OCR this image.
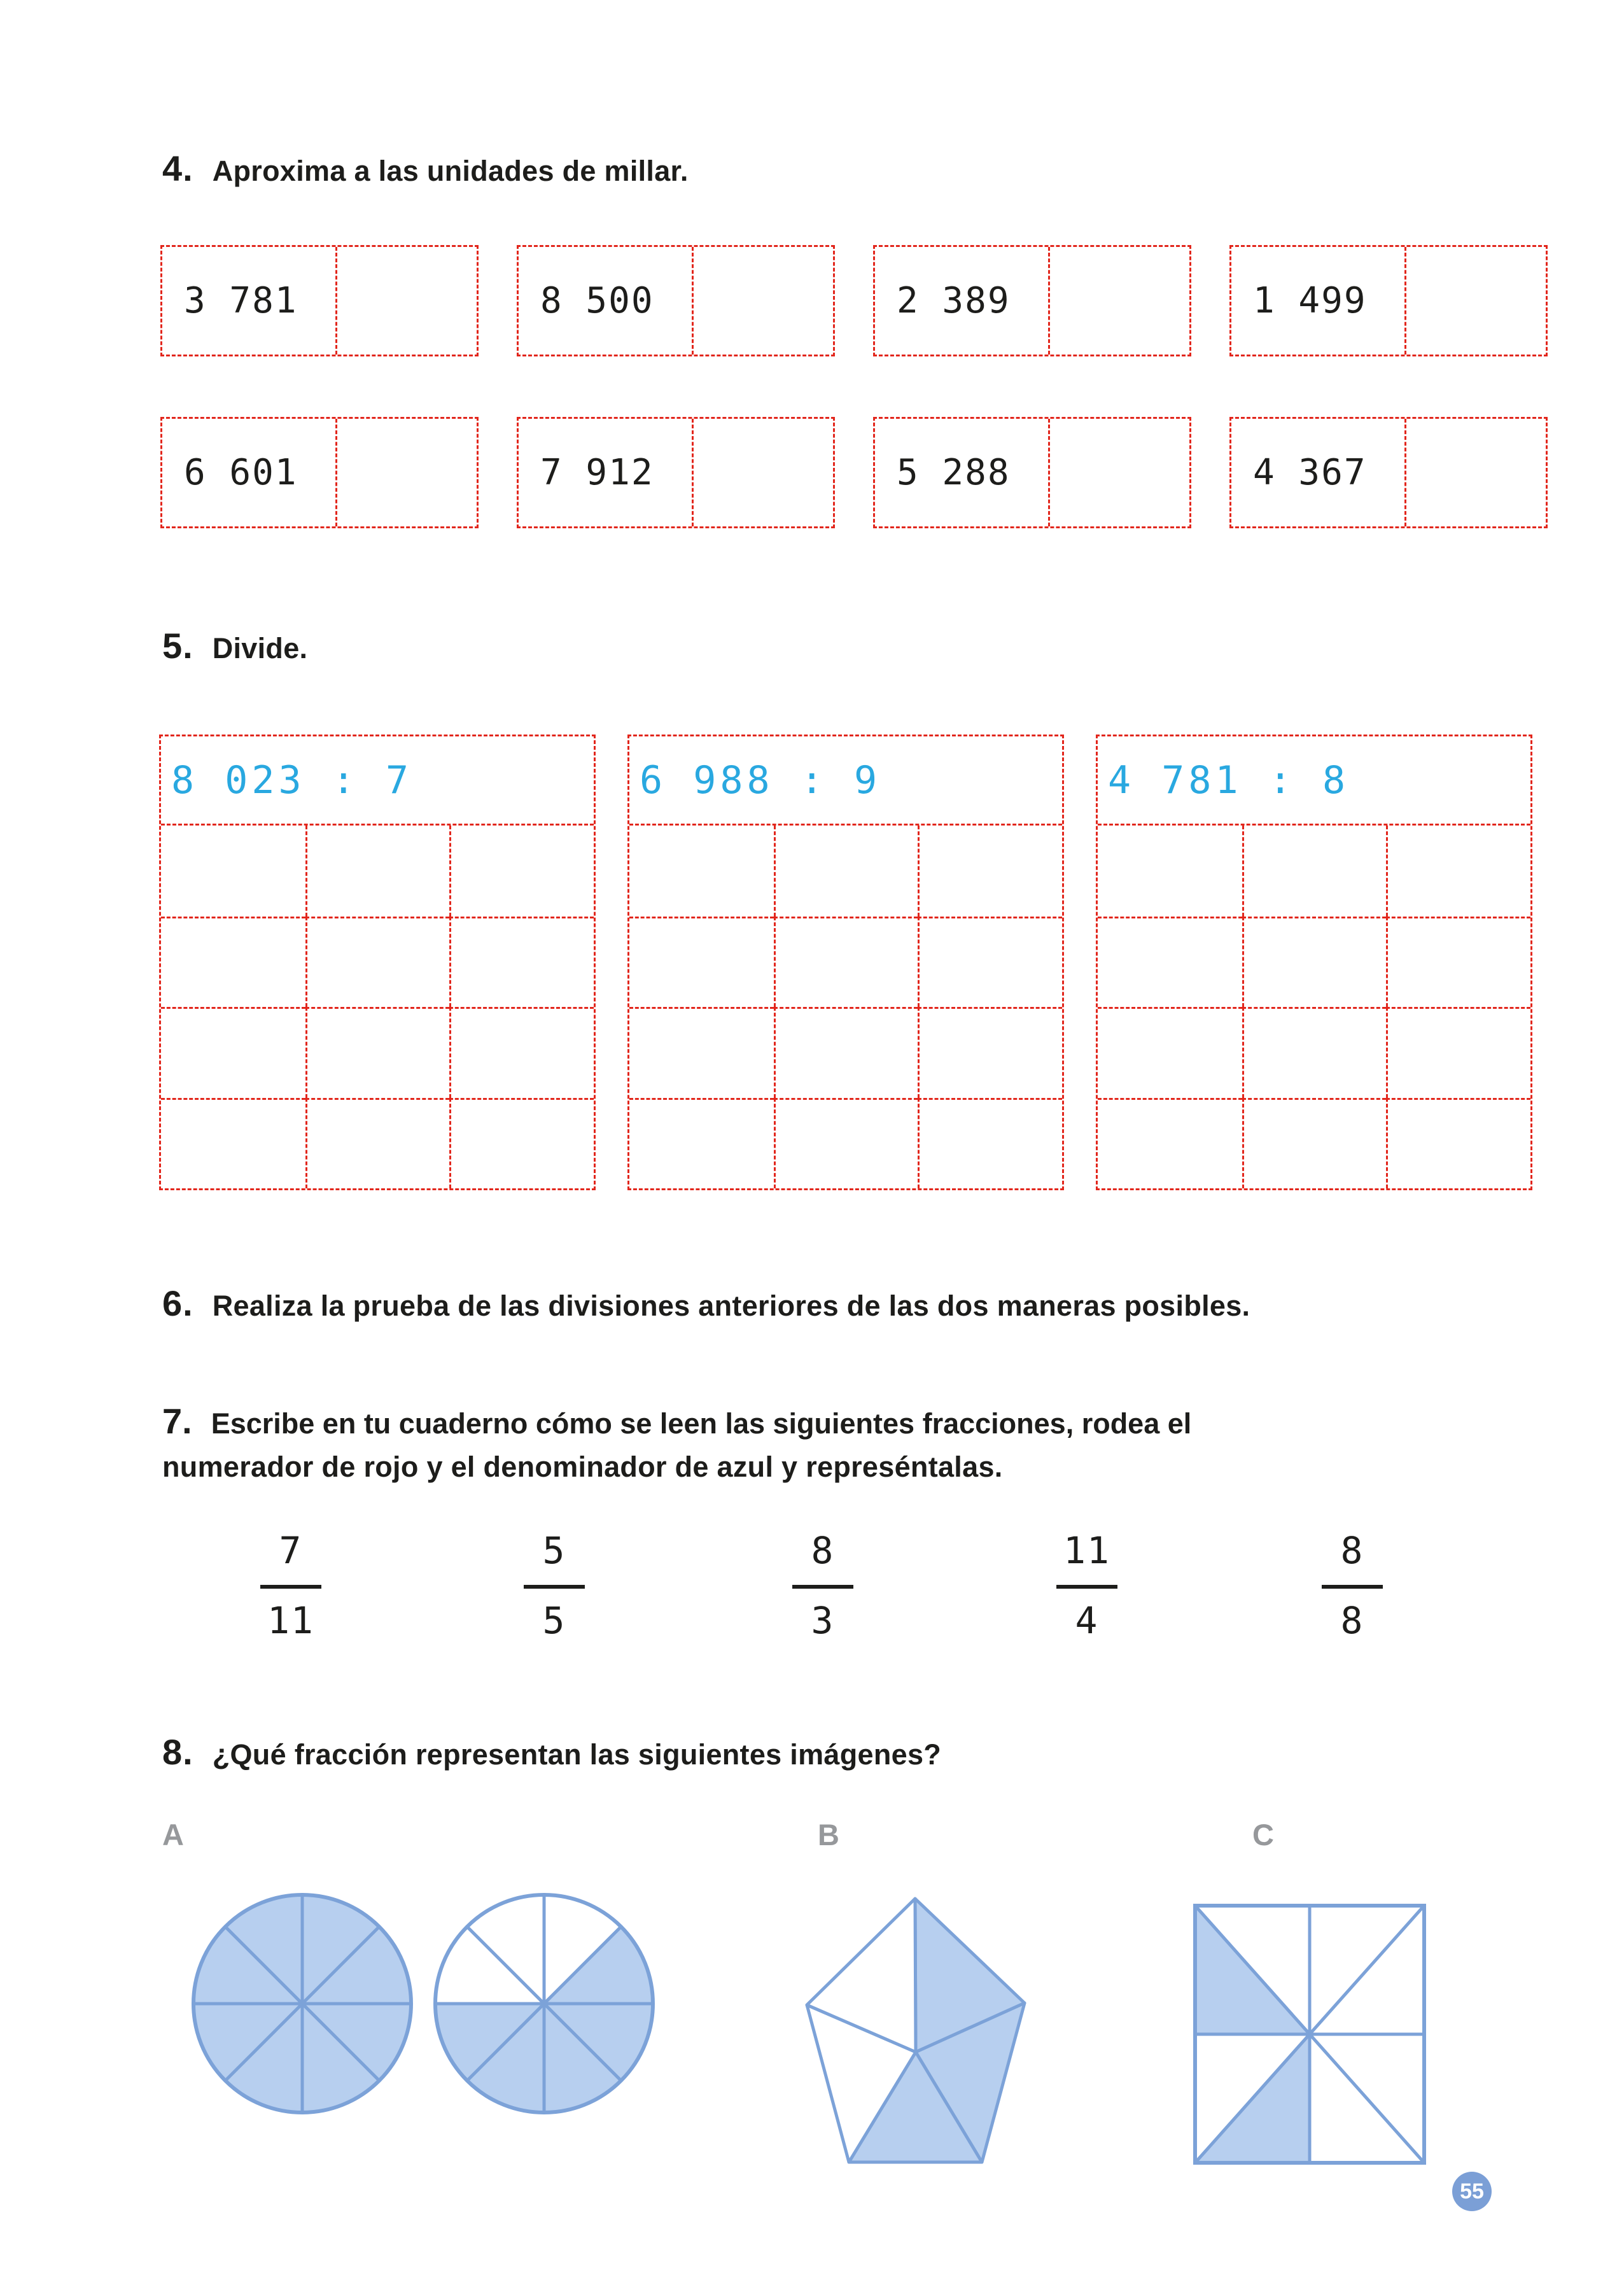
4. Aproxima a las unidades de millar.
5. Divide.
6. Realiza la prueba de las divisiones anteriores de las dos maneras posibles.
7. Escribe en tu cuaderno cómo se leen las siguientes fracciones, rodea el
numerador de rojo y el denominador de azul y represéntalas.
8. ¿Qué fracción representan las siguientes imágenes?
3 781	8 500	2 389	1 499
6 601	7 912	5 288	4 367
8 023 : 7	6 988 : 9	4 781 : 8
7
11
5
5
8
3
11
4
8
8
A	B	C
55
